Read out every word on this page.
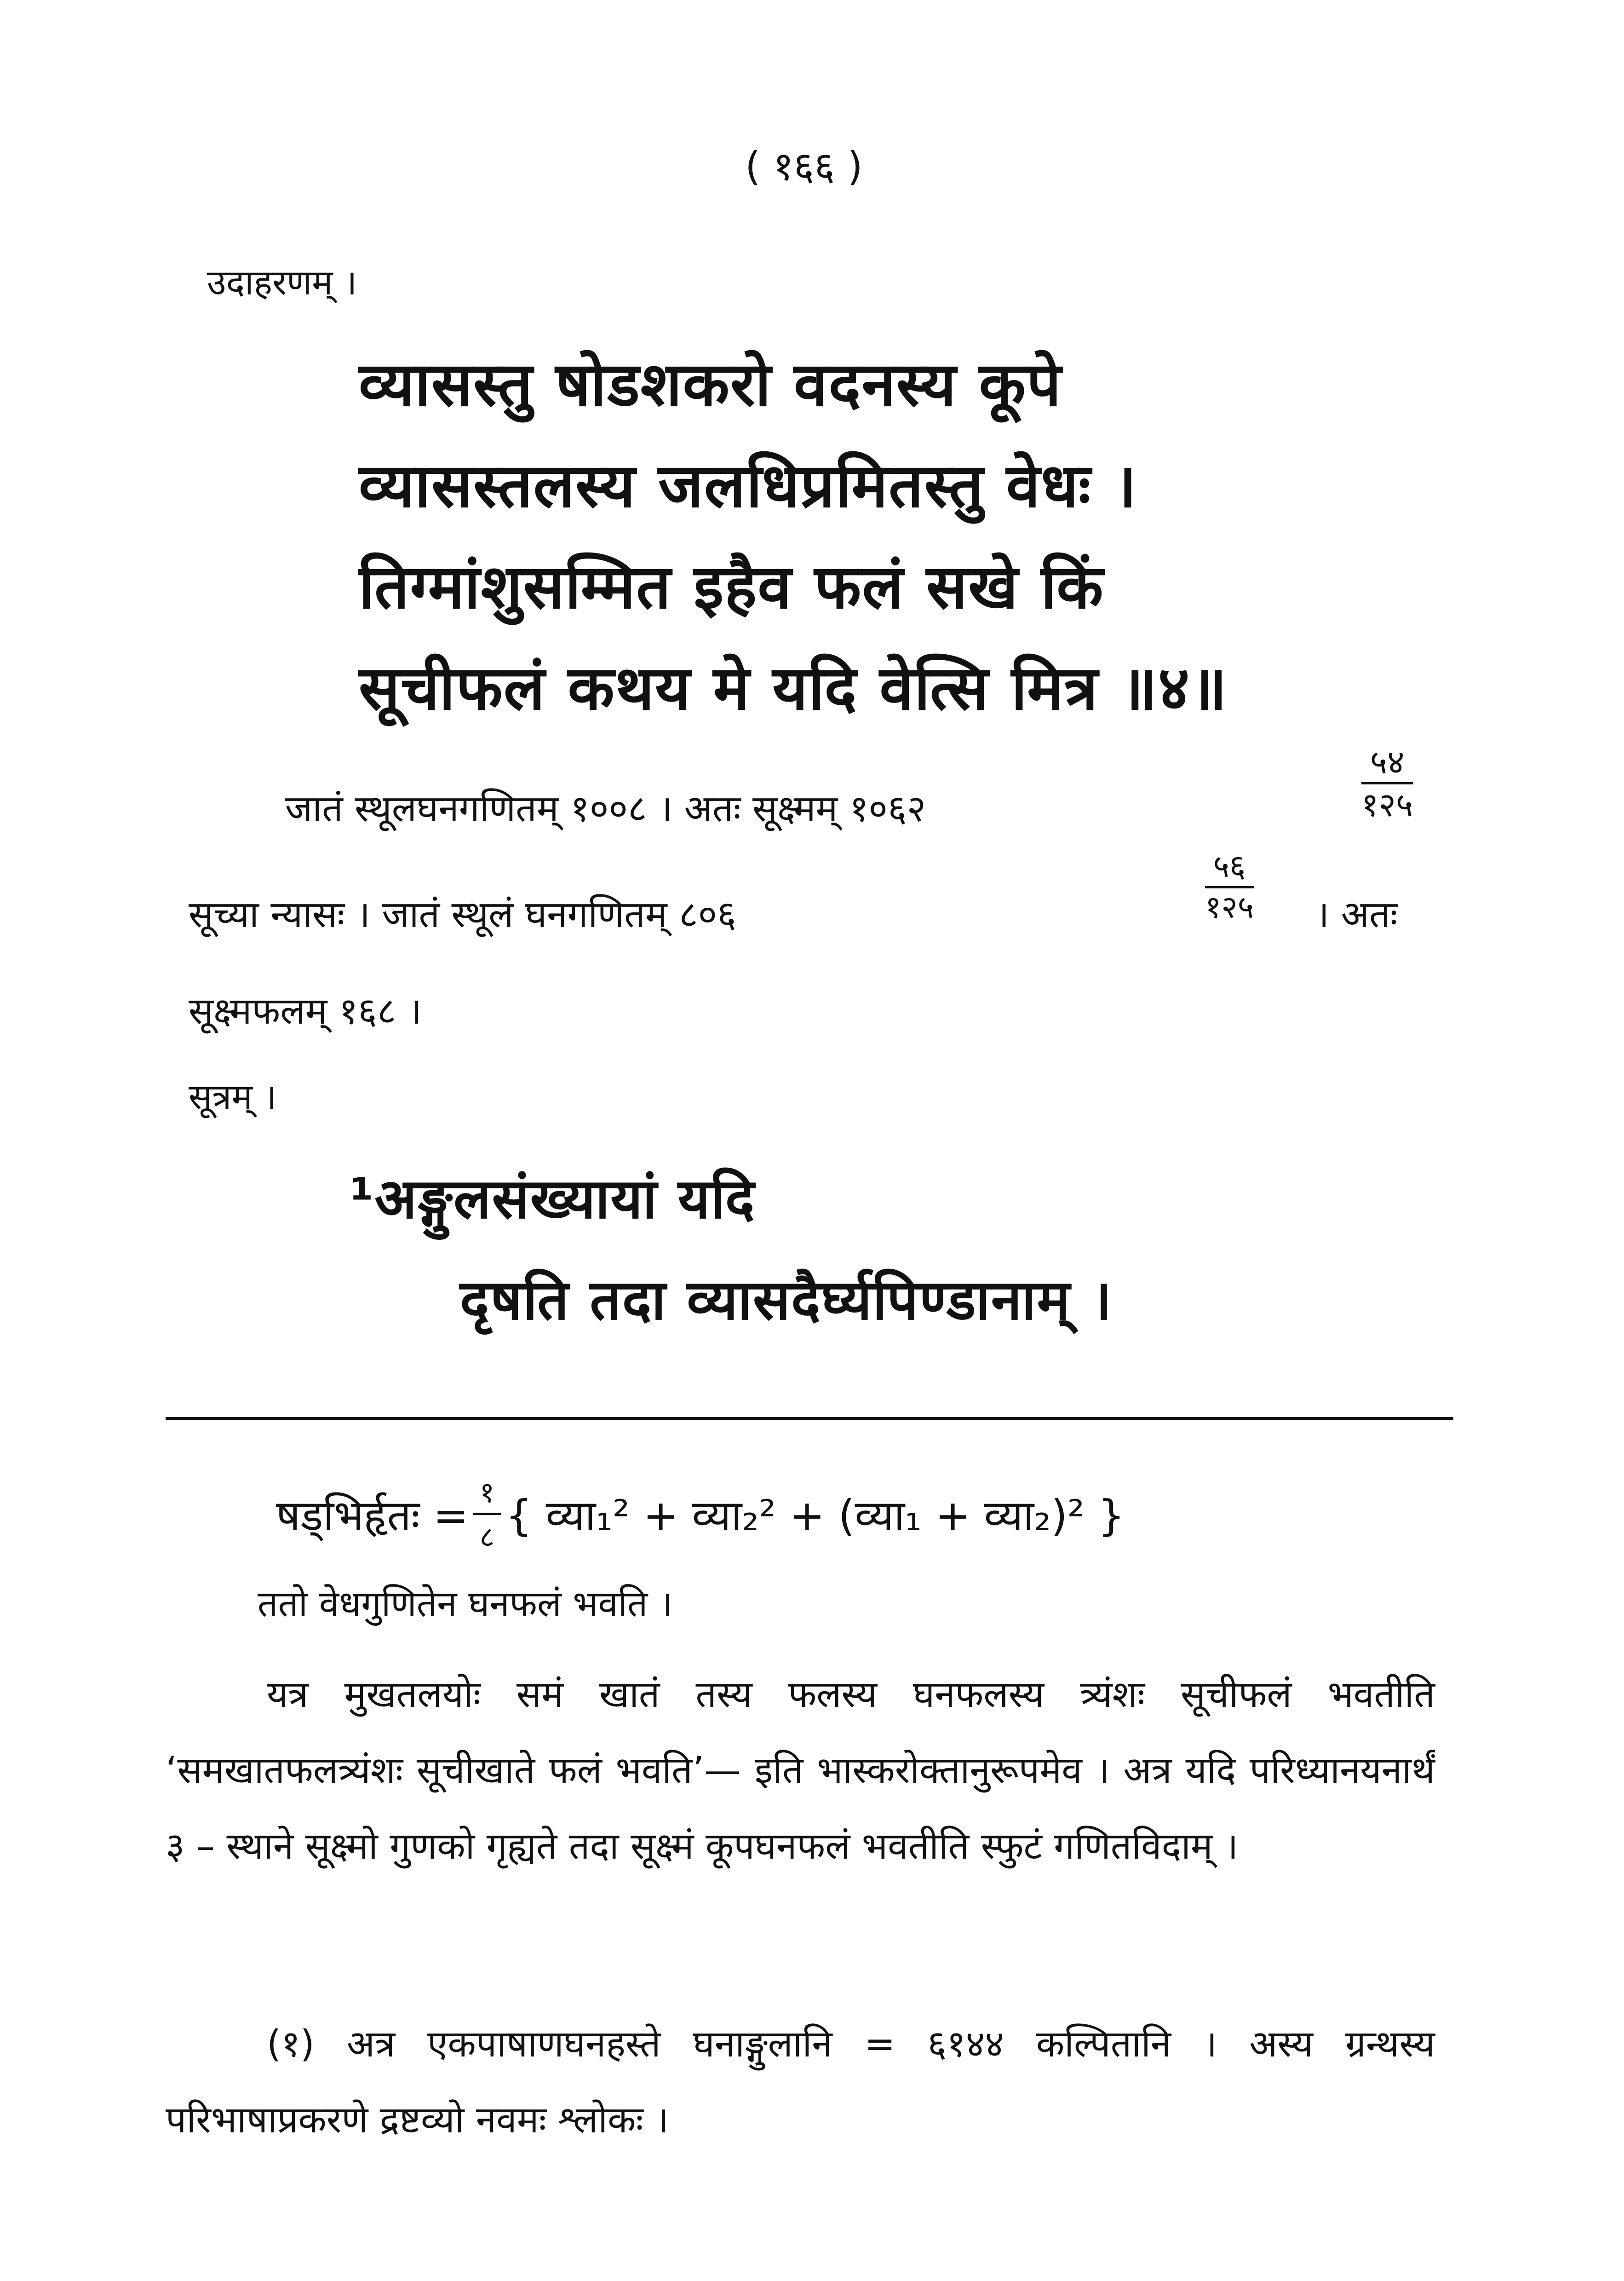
( १६६ )
उदाहरणम् ।
व्यासस्तु षोडशकरो वदनस्य कूपे
व्यासस्तलस्य जलधिप्रमितस्तु वेधः ।
तिग्मांशुसम्मित इहैव फलं सखे किं
सूचीफलं कथय मे यदि वेत्सि मित्र ॥४॥
जातं स्थूलघनगणितम् १००८ । अतः सूक्ष्मम् १०६२
५४
१२५
सूच्या न्यासः । जातं स्थूलं घनगणितम् ८०६
५६
१२५ । अतः
सूक्ष्मफलम् १६८ ।
सूत्रम् ।
¹अङ्गुलसंख्यायां यदि
दृषति तदा व्यासदैर्घ्यपिण्डानाम् ।
षड्भिर्हृतः = १
८ { व्या₁² + व्या₂² + (व्या₁ + व्या₂)² }
ततो वेधगुणितेन घनफलं भवति ।
यत्र मुखतलयोः समं खातं तस्य फलस्य घनफलस्य त्र्यंशः सूचीफलं भवतीति ‘समखातफलत्र्यंशः सूचीखाते फलं भवति’— इति भास्करोक्तानुरूपमेव । अत्र यदि परिध्यानयनार्थं ३ – स्थाने सूक्ष्मो गुणको गृह्यते तदा सूक्ष्मं कूपघनफलं भवतीति स्फुटं गणितविदाम् ।
(१) अत्र एकपाषाणघनहस्ते घनाङ्गुलानि = ६१४४ कल्पितानि । अस्य ग्रन्थस्य परिभाषाप्रकरणे द्रष्टव्यो नवमः श्लोकः ।
